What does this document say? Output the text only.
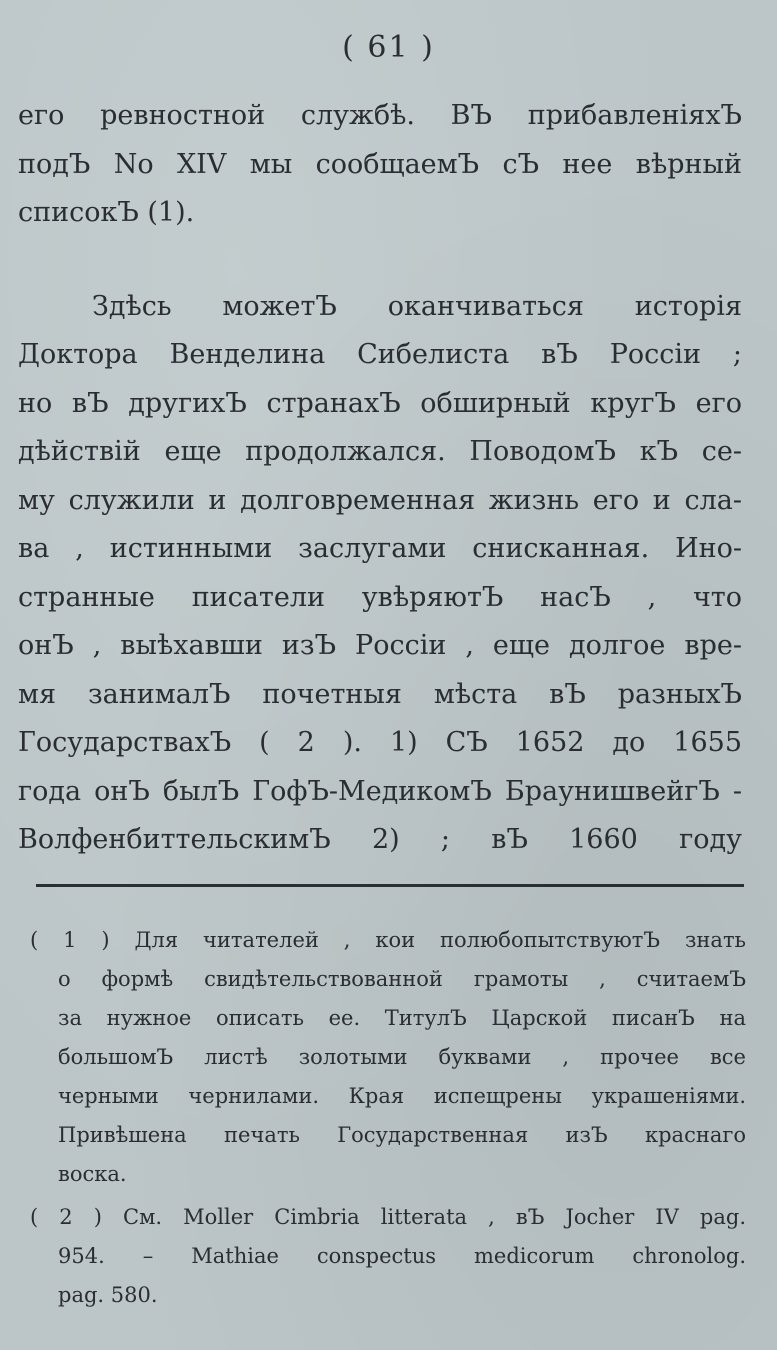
( 61 )
его ревностной службѣ. ВЪ прибавленіяхЪ
подЪ No XIV мы сообщаемЪ сЪ нее вѣрный
списокЪ (1).
Здѣсь можетЪ оканчиваться исторія
Доктора Венделина Сибелиста вЪ Россіи ;
но вЪ другихЪ странахЪ обширный кругЪ его
дѣйствій еще продолжался. ПоводомЪ кЪ се-
му служили и долговременная жизнь его и сла-
ва , истинными заслугами снисканная. Ино-
странные писатели увѣряютЪ насЪ , что
онЪ , выѣхавши изЪ Россіи , еще долгое вре-
мя занималЪ почетныя мѣста вЪ разныхЪ
ГосударствахЪ ( 2 ). 1) СЪ 1652 до 1655
года онЪ былЪ ГофЪ-МедикомЪ БраунишвейгЪ -
ВолфенбиттельскимЪ 2) ; вЪ 1660 году
( 1 ) Для читателей , кои полюбопытствуютЪ знать
о формѣ свидѣтельствованной грамоты , считаемЪ
за нужное описать ее. ТитулЪ Царской писанЪ на
большомЪ листѣ золотыми буквами , прочее все
черными чернилами. Края испещрены украшеніями.
Привѣшена печать Государственная изЪ краснаго
воска.
( 2 ) См. Moller Cimbria litterata , вЪ Jocher IV pag.
954. – Mathiae conspectus medicorum chronolog.
pag. 580.
